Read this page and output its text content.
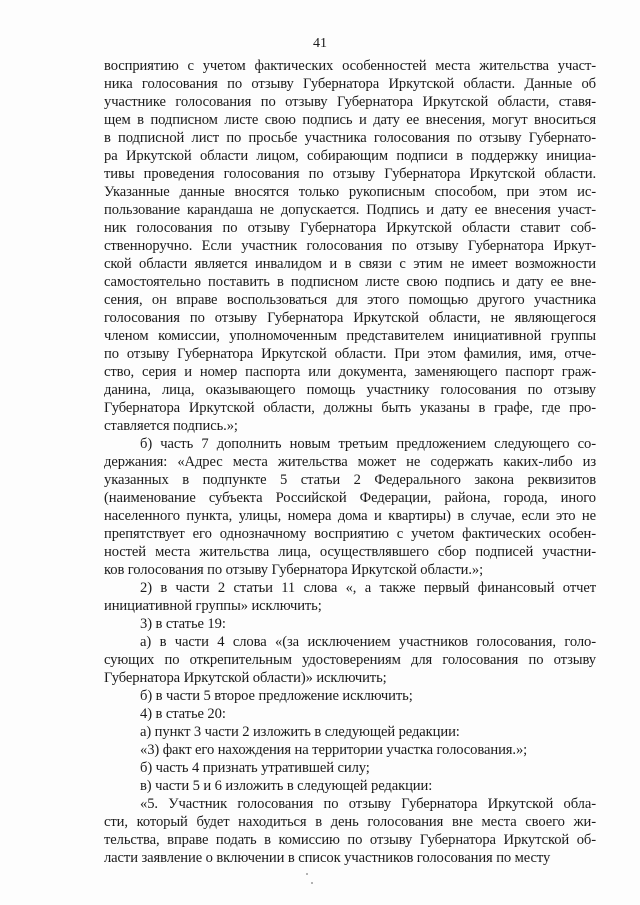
41
восприятию с учетом фактических особенностей места жительства участ-
ника голосования по отзыву Губернатора Иркутской области. Данные об
участнике голосования по отзыву Губернатора Иркутской области, ставя-
щем в подписном листе свою подпись и дату ее внесения, могут вноситься
в подписной лист по просьбе участника голосования по отзыву Губернато-
ра Иркутской области лицом, собирающим подписи в поддержку инициа-
тивы проведения голосования по отзыву Губернатора Иркутской области.
Указанные данные вносятся только рукописным способом, при этом ис-
пользование карандаша не допускается. Подпись и дату ее внесения участ-
ник голосования по отзыву Губернатора Иркутской области ставит соб-
ственноручно. Если участник голосования по отзыву Губернатора Иркут-
ской области является инвалидом и в связи с этим не имеет возможности
самостоятельно поставить в подписном листе свою подпись и дату ее вне-
сения, он вправе воспользоваться для этого помощью другого участника
голосования по отзыву Губернатора Иркутской области, не являющегося
членом комиссии, уполномоченным представителем инициативной группы
по отзыву Губернатора Иркутской области. При этом фамилия, имя, отче-
ство, серия и номер паспорта или документа, заменяющего паспорт граж-
данина, лица, оказывающего помощь участнику голосования по отзыву
Губернатора Иркутской области, должны быть указаны в графе, где про-
ставляется подпись.»;
б) часть 7 дополнить новым третьим предложением следующего со-
держания: «Адрес места жительства может не содержать каких-либо из
указанных в подпункте 5 статьи 2 Федерального закона реквизитов
(наименование субъекта Российской Федерации, района, города, иного
населенного пункта, улицы, номера дома и квартиры) в случае, если это не
препятствует его однозначному восприятию с учетом фактических особен-
ностей места жительства лица, осуществлявшего сбор подписей участни-
ков голосования по отзыву Губернатора Иркутской области.»;
2) в части 2 статьи 11 слова «, а также первый финансовый отчет
инициативной группы» исключить;
3) в статье 19:
а) в части 4 слова «(за исключением участников голосования, голо-
сующих по открепительным удостоверениям для голосования по отзыву
Губернатора Иркутской области)» исключить;
б) в части 5 второе предложение исключить;
4) в статье 20:
а) пункт 3 части 2 изложить в следующей редакции:
«3) факт его нахождения на территории участка голосования.»;
б) часть 4 признать утратившей силу;
в) части 5 и 6 изложить в следующей редакции:
«5. Участник голосования по отзыву Губернатора Иркутской обла-
сти, который будет находиться в день голосования вне места своего жи-
тельства, вправе подать в комиссию по отзыву Губернатора Иркутской об-
ласти заявление о включении в список участников голосования по месту
